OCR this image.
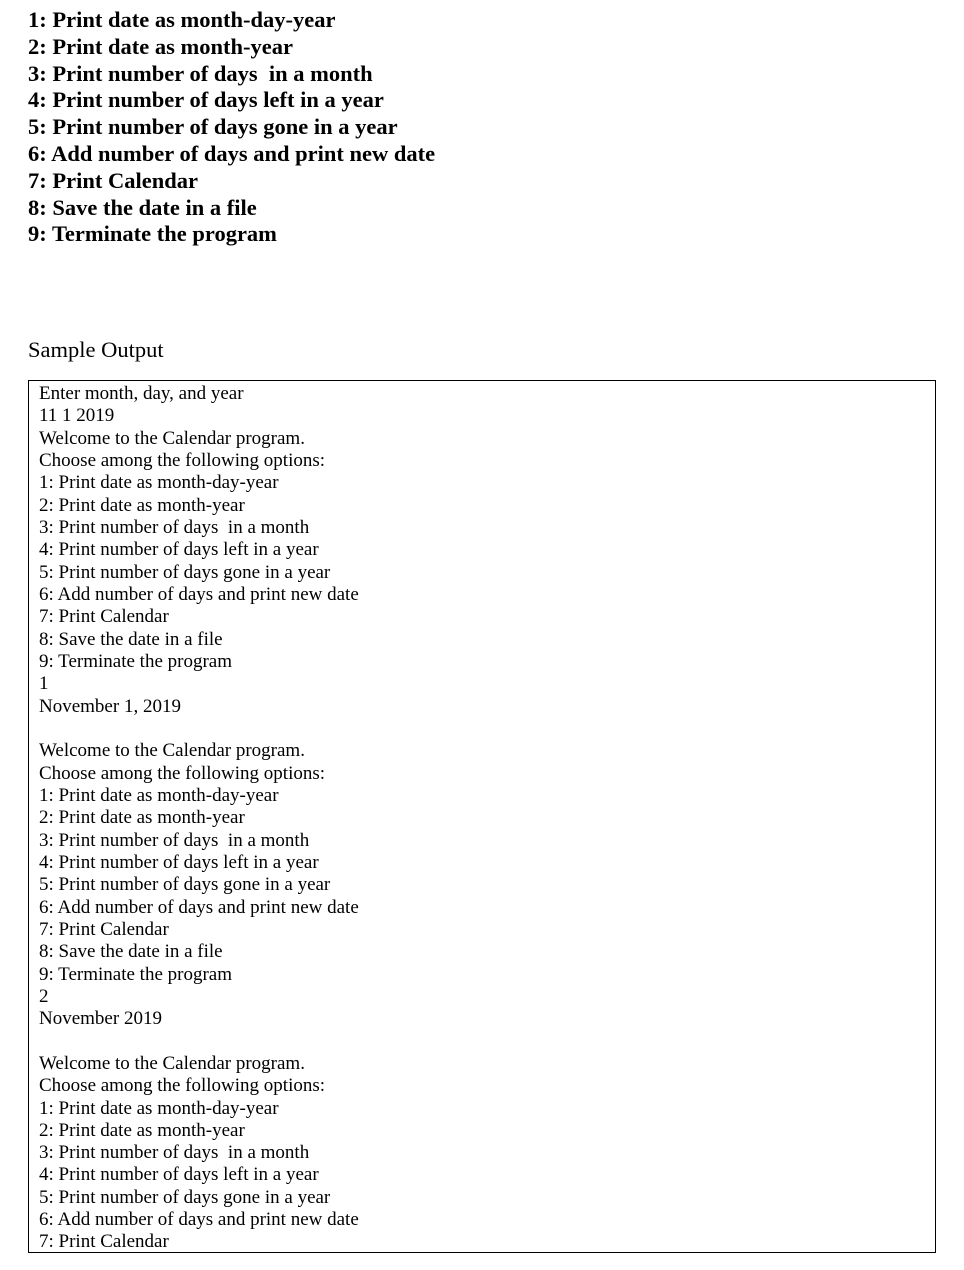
1: Print date as month-day-year
2: Print date as month-year
3: Print number of days  in a month
4: Print number of days left in a year
5: Print number of days gone in a year
6: Add number of days and print new date
7: Print Calendar
8: Save the date in a file
9: Terminate the program
Sample Output
Enter month, day, and year
11 1 2019
Welcome to the Calendar program.
Choose among the following options:
1: Print date as month-day-year
2: Print date as month-year
3: Print number of days  in a month
4: Print number of days left in a year
5: Print number of days gone in a year
6: Add number of days and print new date
7: Print Calendar
8: Save the date in a file
9: Terminate the program
1
November 1, 2019
Welcome to the Calendar program.
Choose among the following options:
1: Print date as month-day-year
2: Print date as month-year
3: Print number of days  in a month
4: Print number of days left in a year
5: Print number of days gone in a year
6: Add number of days and print new date
7: Print Calendar
8: Save the date in a file
9: Terminate the program
2
November 2019
Welcome to the Calendar program.
Choose among the following options:
1: Print date as month-day-year
2: Print date as month-year
3: Print number of days  in a month
4: Print number of days left in a year
5: Print number of days gone in a year
6: Add number of days and print new date
7: Print Calendar
